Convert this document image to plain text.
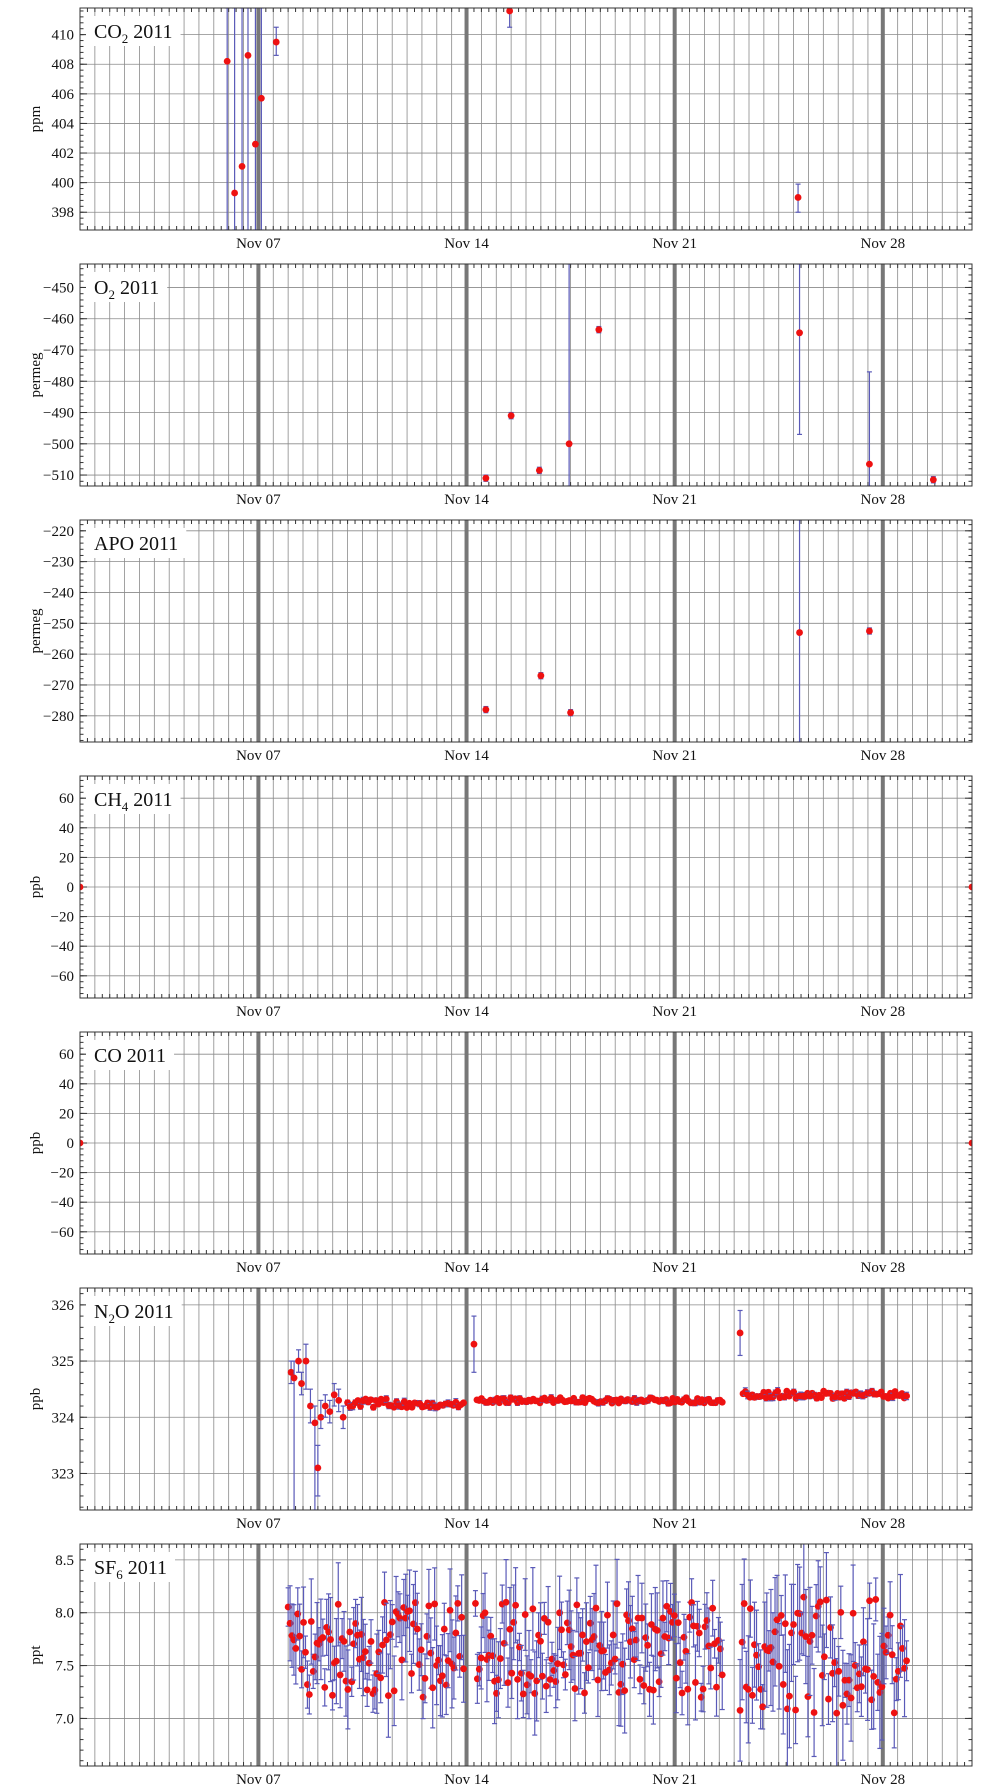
398
400
402
404
406
408
410
Nov 07	Nov 14	Nov 21	Nov 28
ppm
$CO_2$ 2011
−510
−500
−490
−480
−470
−460
−450
Nov 07	Nov 14	Nov 21	Nov 28
permeg
$O_2$ 2011
−280
−270
−260
−250
−240
−230
−220
Nov 07	Nov 14	Nov 21	Nov 28
permeg
APO 2011
−60
−40
−20
0
20
40
60
Nov 07	Nov 14	Nov 21	Nov 28
ppb
$CH_4$ 2011
−60
−40
−20
0
20
40
60
Nov 07	Nov 14	Nov 21	Nov 28
ppb
CO 2011
323
324
325
326
Nov 07	Nov 14	Nov 21	Nov 28
ppb
$N_2O$ 2011
7.0
7.5
8.0
8.5
Nov 07	Nov 14	Nov 21	Nov 28
ppt
$SF_6$ 2011
